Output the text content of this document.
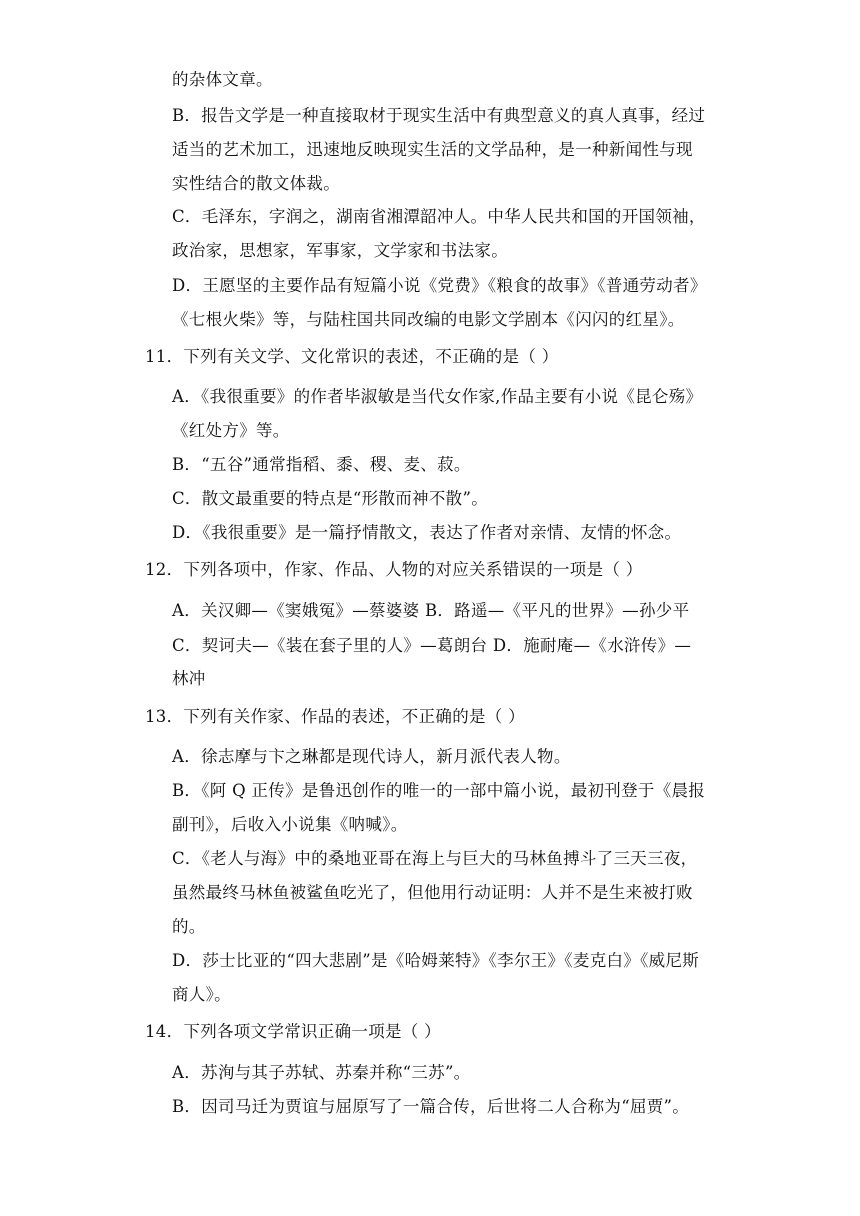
的杂体文章。
B．报告文学是一种直接取材于现实生活中有典型意义的真人真事，经过
适当的艺术加工，迅速地反映现实生活的文学品种，是一种新闻性与现
实性结合的散文体裁。
C．毛泽东，字润之，湖南省湘潭韶冲人。中华人民共和国的开国领袖，
政治家，思想家，军事家，文学家和书法家。
D．王愿坚的主要作品有短篇小说《党费》《粮食的故事》《普通劳动者》
《七根火柴》等，与陆柱国共同改编的电影文学剧本《闪闪的红星》。
11．下列有关文学、文化常识的表述，不正确的是（ ）
A．《我很重要》的作者毕淑敏是当代女作家,作品主要有小说《昆仑殇》
《红处方》等。
B．“五谷”通常指稻、黍、稷、麦、菽。
C．散文最重要的特点是“形散而神不散”。
D．《我很重要》是一篇抒情散文，表达了作者对亲情、友情的怀念。
12．下列各项中，作家、作品、人物的对应关系错误的一项是（ ）
A．关汉卿—《窦娥冤》—蔡婆婆 B．路遥—《平凡的世界》—孙少平
C．契诃夫—《装在套子里的人》—葛朗台 D．施耐庵—《水浒传》—
林冲
13．下列有关作家、作品的表述，不正确的是（ ）
A．徐志摩与卞之琳都是现代诗人，新月派代表人物。
B．《阿 Q 正传》是鲁迅创作的唯一的一部中篇小说，最初刊登于《晨报
副刊》，后收入小说集《呐喊》。
C．《老人与海》中的桑地亚哥在海上与巨大的马林鱼搏斗了三天三夜，
虽然最终马林鱼被鲨鱼吃光了，但他用行动证明：人并不是生来被打败
的。
D．莎士比亚的“四大悲剧”是《哈姆莱特》《李尔王》《麦克白》《威尼斯
商人》。
14．下列各项文学常识正确一项是（ ）
A．苏洵与其子苏轼、苏秦并称“三苏”。
B．因司马迁为贾谊与屈原写了一篇合传，后世将二人合称为“屈贾”。
